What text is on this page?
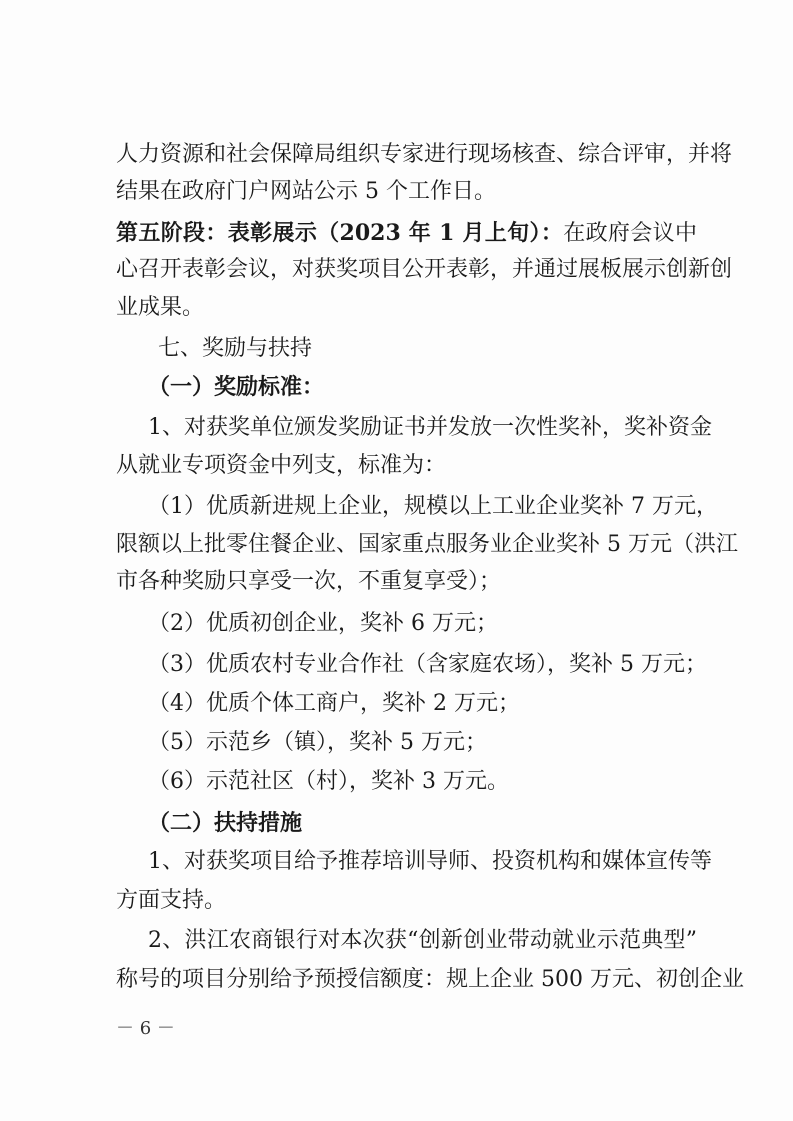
人力资源和社会保障局组织专家进行现场核查、综合评审，并将

结果在政府门户网站公示 5 个工作日。

第五阶段：表彰展示（2023 年 1 月上旬）：在政府会议中

心召开表彰会议，对获奖项目公开表彰，并通过展板展示创新创

业成果。

七、奖励与扶持

（一）奖励标准：

1、对获奖单位颁发奖励证书并发放一次性奖补，奖补资金

从就业专项资金中列支，标准为：

（1）优质新进规上企业，规模以上工业企业奖补 7 万元，

限额以上批零住餐企业、国家重点服务业企业奖补 5 万元（洪江

市各种奖励只享受一次，不重复享受）；

（2）优质初创企业，奖补 6 万元；

（3）优质农村专业合作社（含家庭农场），奖补 5 万元；

（4）优质个体工商户，奖补 2 万元；

（5）示范乡（镇），奖补 5 万元；

（6）示范社区（村），奖补 3 万元。

（二）扶持措施

1、对获奖项目给予推荐培训导师、投资机构和媒体宣传等

方面支持。

2、洪江农商银行对本次获“创新创业带动就业示范典型”

称号的项目分别给予预授信额度：规上企业 500 万元、初创企业

－ 6 －
